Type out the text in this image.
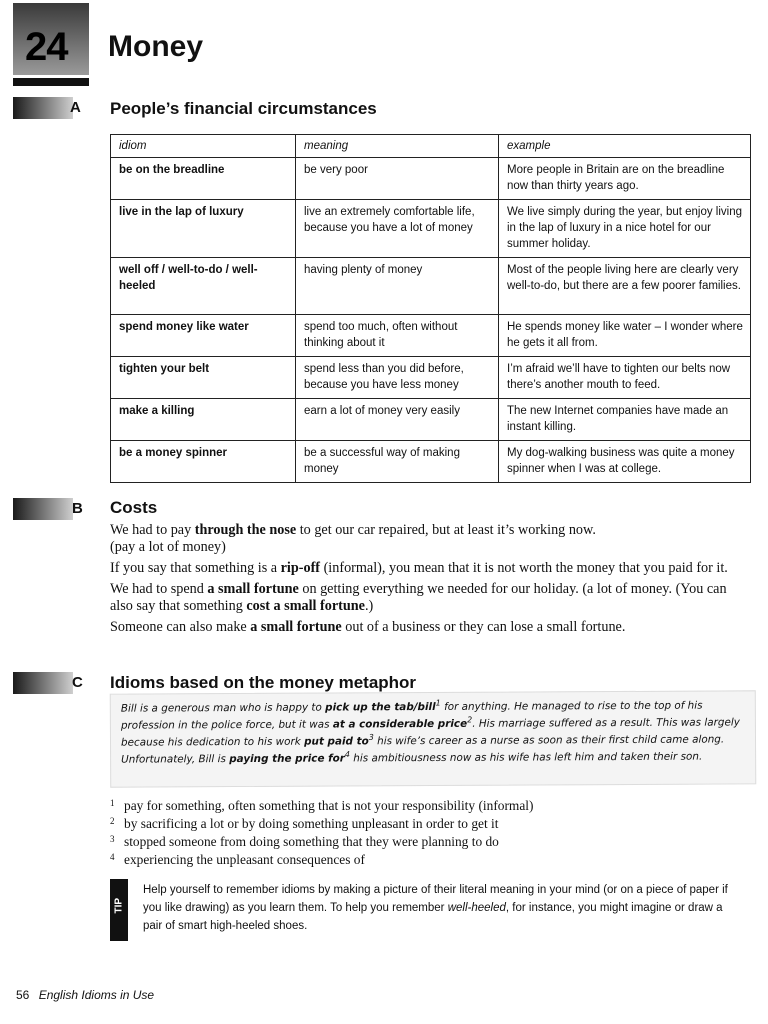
24 Money
A People’s financial circumstances
idiom	meaning	example
be on the breadline	be very poor	More people in Britain are on the breadline now than thirty years ago.
live in the lap of luxury	live an extremely comfortable life, because you have a lot of money	We live simply during the year, but enjoy living in the lap of luxury in a nice hotel for our summer holiday.
well off / well-to-do / well-heeled	having plenty of money	Most of the people living here are clearly very well-to-do, but there are a few poorer families.
spend money like water	spend too much, often without thinking about it	He spends money like water – I wonder where he gets it all from.
tighten your belt	spend less than you did before, because you have less money	I’m afraid we’ll have to tighten our belts now there’s another mouth to feed.
make a killing	earn a lot of money very easily	The new Internet companies have made an instant killing.
be a money spinner	be a successful way of making money	My dog-walking business was quite a money spinner when I was at college.
B Costs

We had to pay through the nose to get our car repaired, but at least it’s working now.
(pay a lot of money)

If you say that something is a rip-off (informal), you mean that it is not worth the money that you paid for it.

We had to spend a small fortune on getting everything we needed for our holiday. (a lot of money. (You can also say that something cost a small fortune.)

Someone can also make a small fortune out of a business or they can lose a small fortune.

C Idioms based on the money metaphor
Bill is a generous man who is happy to pick up the tab/bill$^1$ for anything. He managed to rise to the top of his profession in the police force, but it was at a considerable price$^2$. His marriage suffered as a result. This was largely because his dedication to his work put paid $to^3$ his wife’s career as a nurse as soon as their first child came along. Unfortunately, Bill is paying the price for$^4$ his ambitiousness now as his wife has left him and taken their son.
1 pay for something, often something that is not your responsibility (informal)
2 by sacrificing a lot or by doing something unpleasant in order to get it
3 stopped someone from doing something that they were planning to do
4 experiencing the unpleasant consequences of
TIP
Help yourself to remember idioms by making a picture of their literal meaning in your mind (or on a piece of paper if you like drawing) as you learn them. To help you remember well-heeled, for instance, you might imagine or draw a pair of smart high-heeled shoes.
56 English Idioms in Use
